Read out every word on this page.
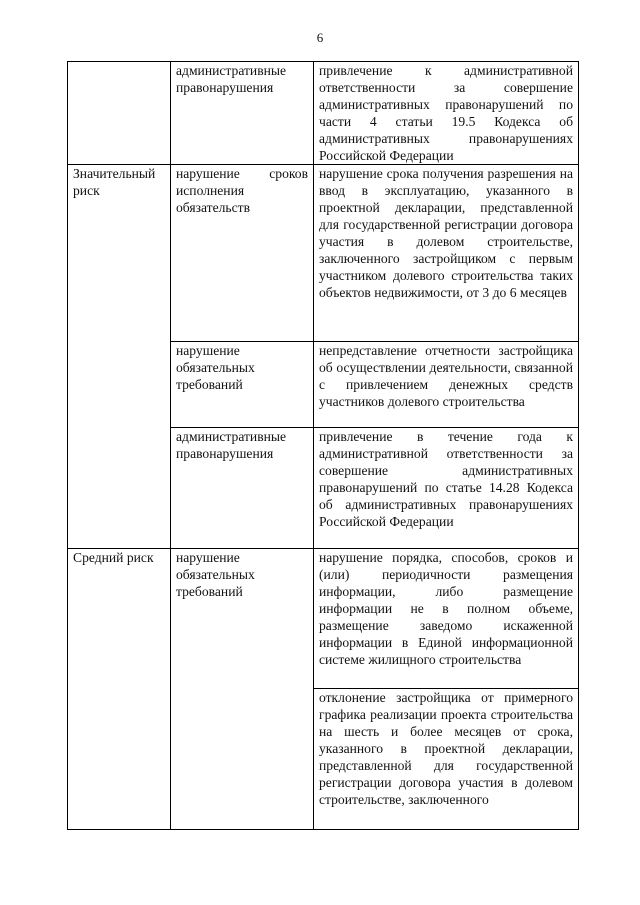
6
	административные правонарушения	привлечение к административной ответственности за совершение административных правонарушений по части 4 статьи 19.5 Кодекса об административных правонарушениях Российской Федерации
Значительный риск	нарушение сроков исполнения обязательств	нарушение срока получения разрешения на ввод в эксплуатацию, указанного в проектной декларации, представленной для государственной регистрации договора участия в долевом строительстве, заключенного застройщиком с первым участником долевого строительства таких объектов недвижимости, от 3 до 6 месяцев
	нарушение обязательных требований	непредставление отчетности застройщика об осуществлении деятельности, связанной с привлечением денежных средств участников долевого строительства
	административные правонарушения	привлечение в течение года к административной ответственности за совершение административных правонарушений по статье 14.28 Кодекса об административных правонарушениях Российской Федерации
Средний риск	нарушение обязательных требований	нарушение порядка, способов, сроков и (или) периодичности размещения информации, либо размещение информации не в полном объеме, размещение заведомо искаженной информации в Единой информационной системе жилищного строительства
		отклонение застройщика от примерного графика реализации проекта строительства на шесть и более месяцев от срока, указанного в проектной декларации, представленной для государственной регистрации договора участия в долевом строительстве, заключенного
